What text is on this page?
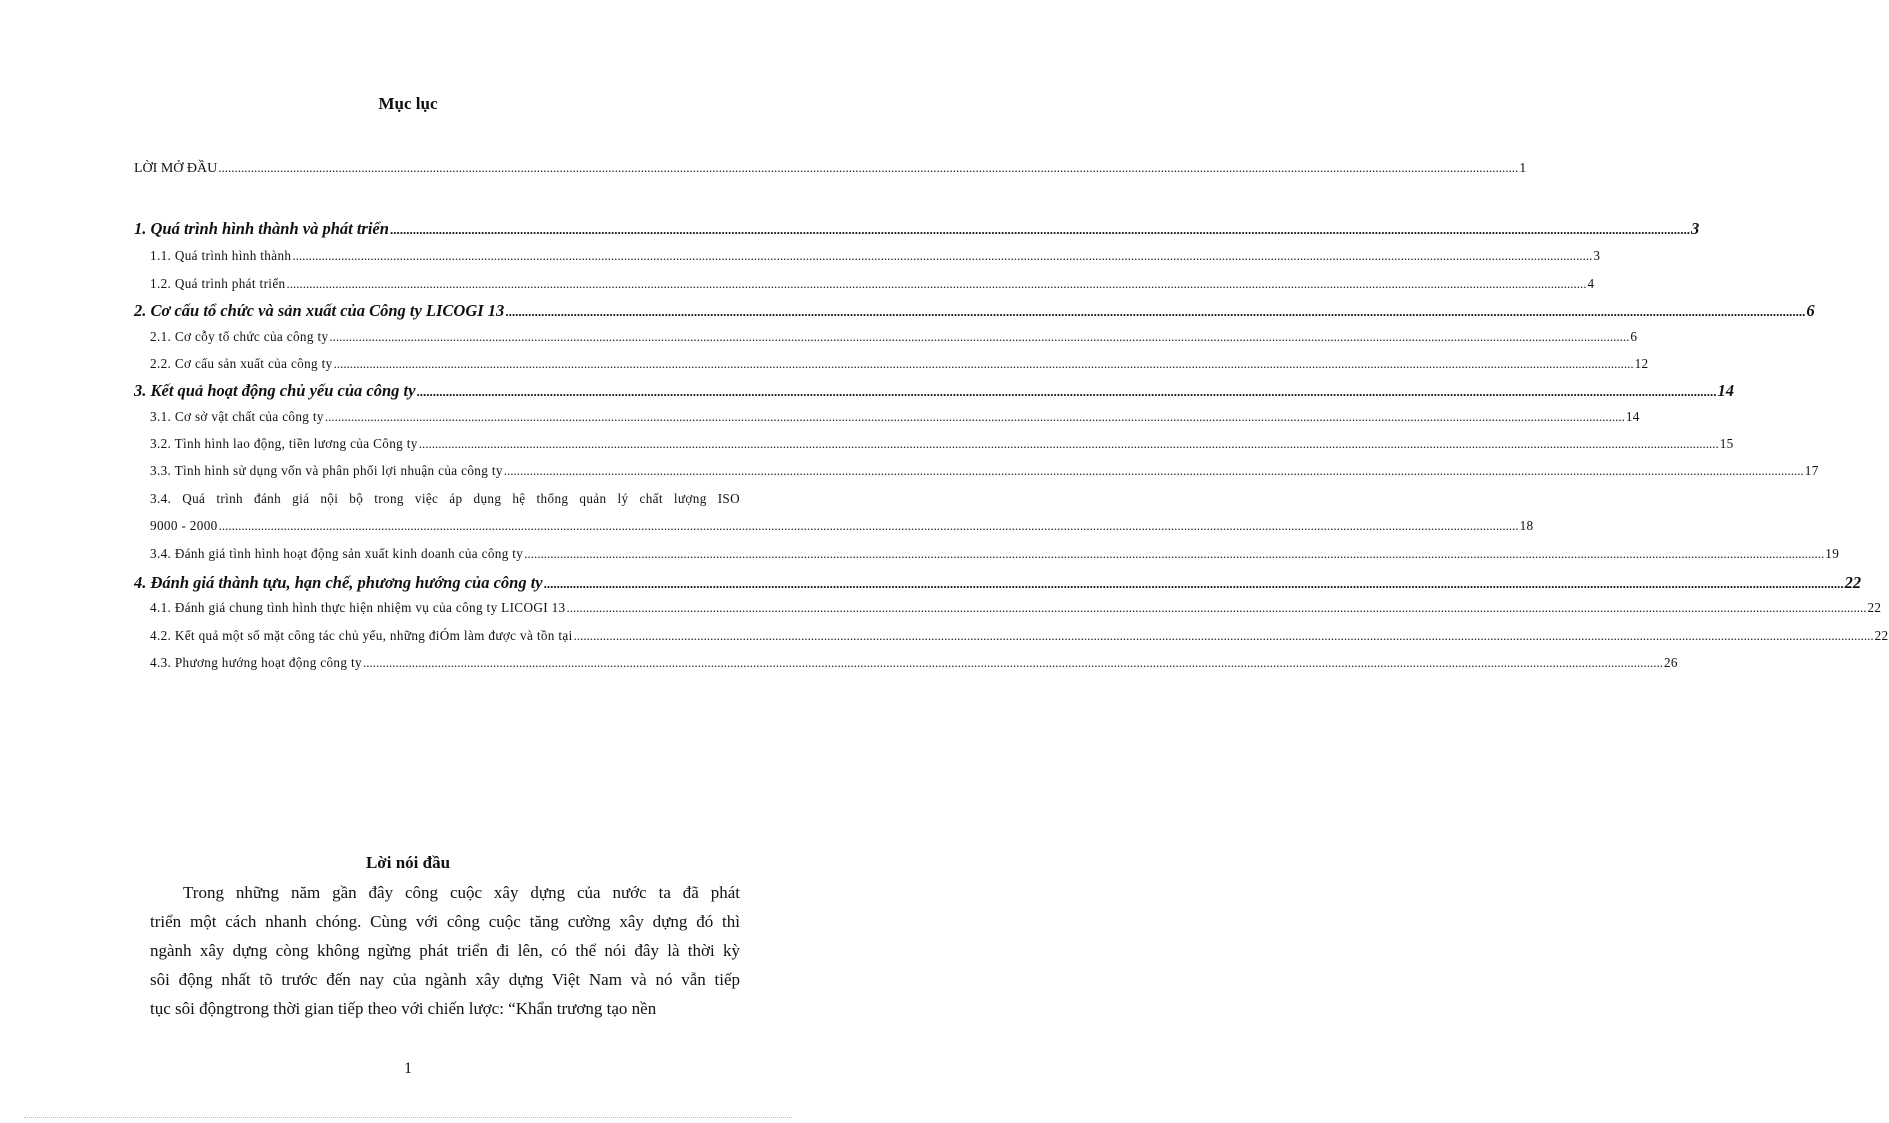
Mục lục
LỜI MỞ ĐẦU ................................................................................................................................................................................................................................................................................................................................................................................................................ 1
1. Quá trình hình thành và phát triển ................................................................................................................................................................................................................................................................................................................................................................................................................ 3
1.1. Quá trình hình thành ................................................................................................................................................................................................................................................................................................................................................................................................................ 3
1.2. Quá trình phát triển ................................................................................................................................................................................................................................................................................................................................................................................................................ 4
2. Cơ cấu tổ chức và sản xuất của Công ty LICOGI 13 ................................................................................................................................................................................................................................................................................................................................................................................................................ 6
2.1. Cơ cỗy tổ chức của công ty ................................................................................................................................................................................................................................................................................................................................................................................................................ 6
2.2. Cơ cấu sản xuất của công ty ................................................................................................................................................................................................................................................................................................................................................................................................................ 12
3. Kết quả hoạt động chủ yếu của công ty ................................................................................................................................................................................................................................................................................................................................................................................................................ 14
3.1. Cơ sở vật chất của công ty ................................................................................................................................................................................................................................................................................................................................................................................................................ 14
3.2. Tình hình lao động, tiền lương của Công ty ................................................................................................................................................................................................................................................................................................................................................................................................................ 15
3.3. Tình hình sử dụng vốn và phân phối lợi nhuận của công ty ................................................................................................................................................................................................................................................................................................................................................................................................................ 17
3.4. Quá trình đánh giá nội bộ trong việc áp dụng hệ thống quản lý chất lượng ISO
9000 - 2000 ................................................................................................................................................................................................................................................................................................................................................................................................................ 18
3.4. Đánh giá tình hình hoạt động sản xuất kinh doanh của công ty ................................................................................................................................................................................................................................................................................................................................................................................................................ 19
4. Đánh giá thành tựu, hạn chế, phương hướng của công ty ................................................................................................................................................................................................................................................................................................................................................................................................................ 22
4.1. Đánh giá chung tình hình thực hiện nhiệm vụ của công ty LICOGI 13 ................................................................................................................................................................................................................................................................................................................................................................................................................ 22
4.2. Kết quả một số mặt công tác chủ yếu, những điÓm làm được và tồn tại ................................................................................................................................................................................................................................................................................................................................................................................................................ 22
4.3. Phương hướng hoạt động công ty ................................................................................................................................................................................................................................................................................................................................................................................................................ 26
Lời nói đầu
Trong những năm gần đây công cuộc xây dựng của nước ta đã phát
triển một cách nhanh chóng. Cùng với công cuộc tăng cường xây dựng đó thì
ngành xây dựng còng không ngừng phát triển đi lên, có thể nói đây là thời kỳ
sôi động nhất tõ trước đến nay của ngành xây dựng Việt Nam và nó vẫn tiếp
tục sôi độngtrong thời gian tiếp theo với chiến lược: “Khẩn trương tạo nền
1
